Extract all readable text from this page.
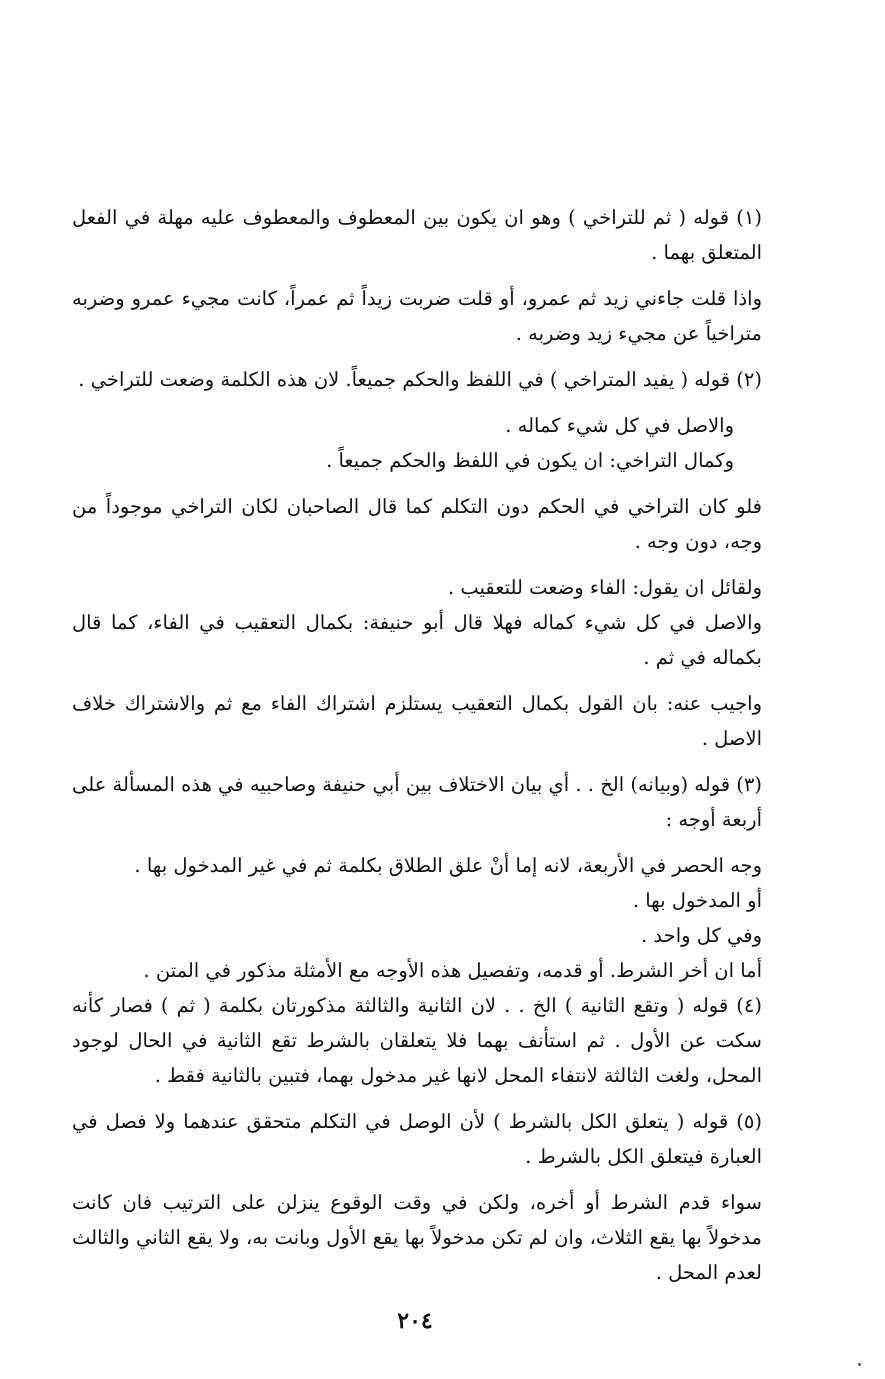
(١) قوله ( ثم للتراخي ) وهو ان يكون بين المعطوف والمعطوف عليه مهلة في الفعل المتعلق بهما .

واذا قلت جاءني زيد ثم عمرو، أو قلت ضربت زيداً ثم عمراً، كانت مجيء عمرو وضربه متراخياً عن مجيء زيد وضربه .

(٢) قوله ( يفيد المتراخي ) في اللفظ والحكم جميعاً. لان هذه الكلمة وضعت للتراخي .

والاصل في كل شيء كماله .

وكمال التراخي: ان يكون في اللفظ والحكم جميعاً .

فلو كان التراخي في الحكم دون التكلم كما قال الصاحبان لكان التراخي موجوداً من وجه، دون وجه .

ولقائل ان يقول: الفاء وضعت للتعقيب .

والاصل في كل شيء كماله فهلا قال أبو حنيفة: بكمال التعقيب في الفاء، كما قال بكماله في ثم .

واجيب عنه: بان القول بكمال التعقيب يستلزم اشتراك الفاء مع ثم والاشتراك خلاف الاصل .

(٣) قوله (وبيانه) الخ . . أي بيان الاختلاف بين أبي حنيفة وصاحبيه في هذه المسألة على أربعة أوجه :

وجه الحصر في الأربعة، لانه إما أنْ علق الطلاق بكلمة ثم في غير المدخول بها .

أو المدخول بها .

وفي كل واحد .

أما ان أخر الشرط. أو قدمه، وتفصيل هذه الأوجه مع الأمثلة مذكور في المتن .

(٤) قوله ( وتقع الثانية ) الخ . . لان الثانية والثالثة مذكورتان بكلمة ( ثم ) فصار كأنه سكت عن الأول . ثم استأنف بهما فلا يتعلقان بالشرط تقع الثانية في الحال لوجود المحل، ولغت الثالثة لانتفاء المحل لانها غير مدخول بهما، فتبين بالثانية فقط .

(٥) قوله ( يتعلق الكل بالشرط ) لأن الوصل في التكلم متحقق عندهما ولا فصل في العبارة فيتعلق الكل بالشرط .

سواء قدم الشرط أو أخره، ولكن في وقت الوقوع ينزلن على الترتيب فان كانت مدخولاً بها يقع الثلاث، وان لم تكن مدخولاً بها يقع الأول وبانت به، ولا يقع الثاني والثالث لعدم المحل .

٢٠٤
